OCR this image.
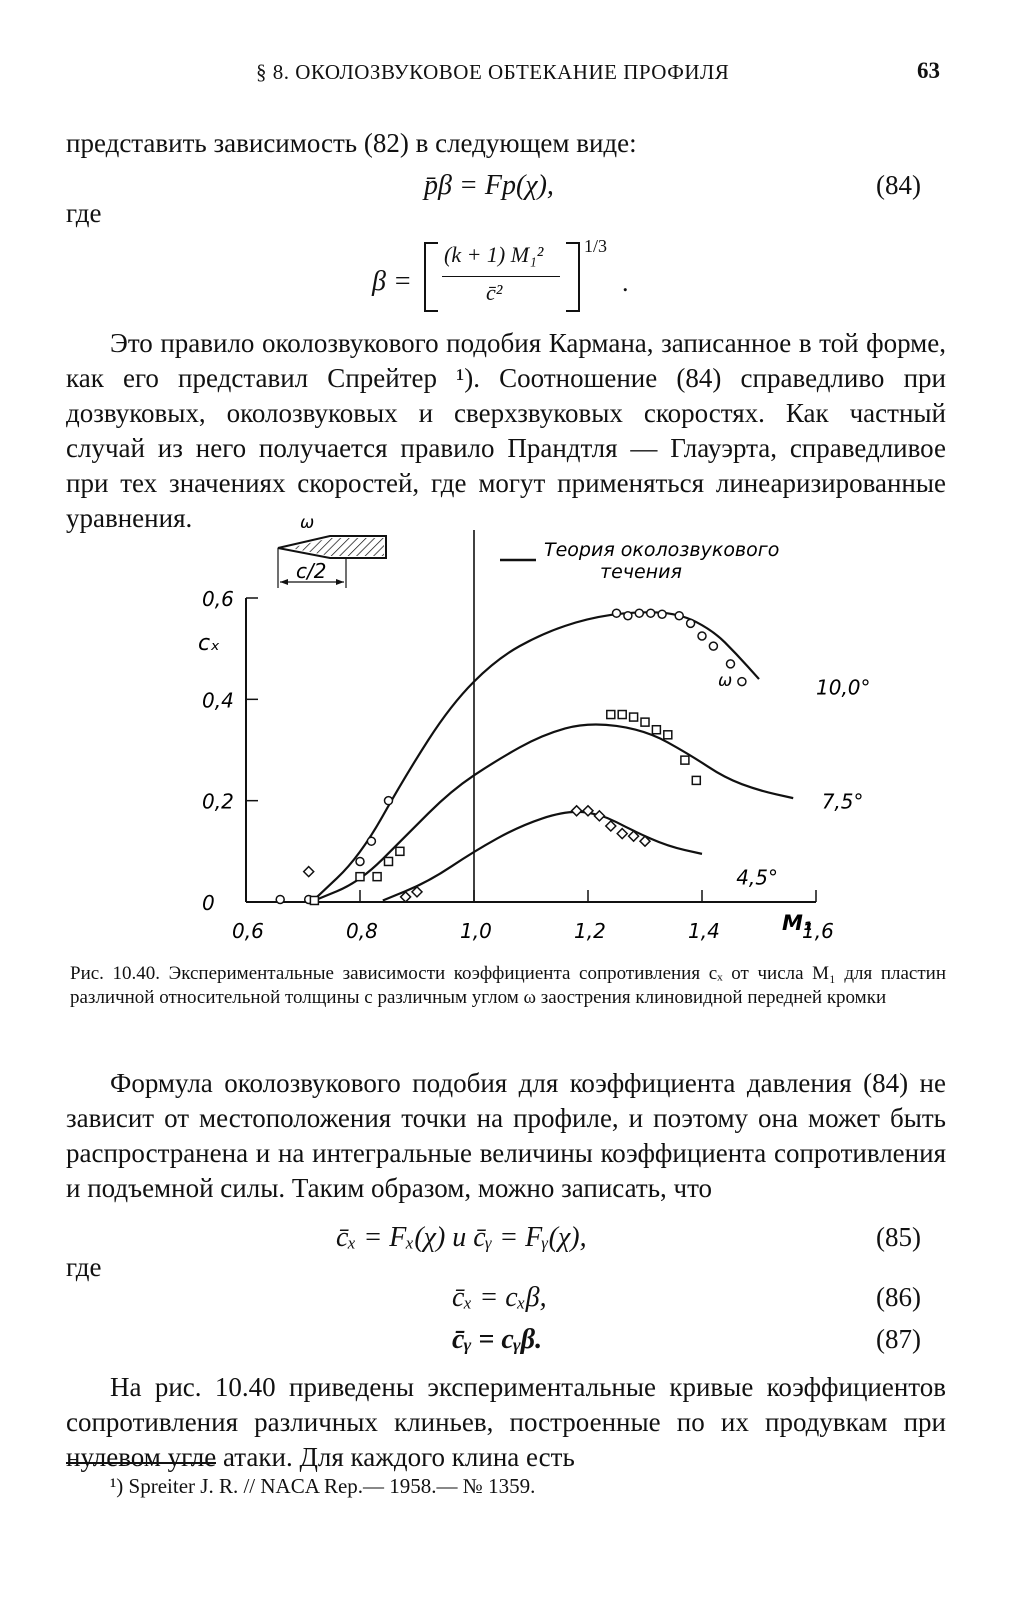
§ 8. ОКОЛОЗВУКОВОЕ ОБТЕКАНИЕ ПРОФИЛЯ	63
представить зависимость (82) в следующем виде:
p̄β = Fp(χ),	(84)
где
β =
(k + 1) M₁²
c̄²
1/3
.
Это правило околозвукового подобия Кармана, записанное в той форме, как его представил Спрейтер ¹). Соотношение (84) справедливо при дозвуковых, околозвуковых и сверхзвуковых скоростях. Как частный случай из него получается правило Прандтля — Глауэрта, справедливое при тех значениях скоростей, где могут применяться линеаризированные уравнения.
0
0,2
0,4
0,6
0,6	0,8	1,0	1,2	1,4	1,6
10,0°
7,5°
4,5°
ω
c/2
Теория околозвукового
течения
cₓ
M₁
ω
Рис. 10.40. Экспериментальные зависимости коэффициента сопротивления cₓ от числа M₁ для пластин различной относительной толщины с различным углом ω заострения клиновидной передней кромки
Формула околозвукового подобия для коэффициента давления (84) не зависит от местоположения точки на профиле, и поэтому она может быть распространена и на интегральные величины коэффициента сопротивления и подъемной силы. Таким образом, можно записать, что
c̄ₓ = Fₓ(χ) и c̄ᵧ = Fᵧ(χ),	(85)
где
c̄ₓ = cₓβ,	(86)
c̄ᵧ = cᵧβ.	(87)
На рис. 10.40 приведены экспериментальные кривые коэффициентов сопротивления различных клиньев, построенные по их продувкам при нулевом угле атаки. Для каждого клина есть
¹) Spreiter J. R. // NACA Rep.— 1958.— № 1359.
